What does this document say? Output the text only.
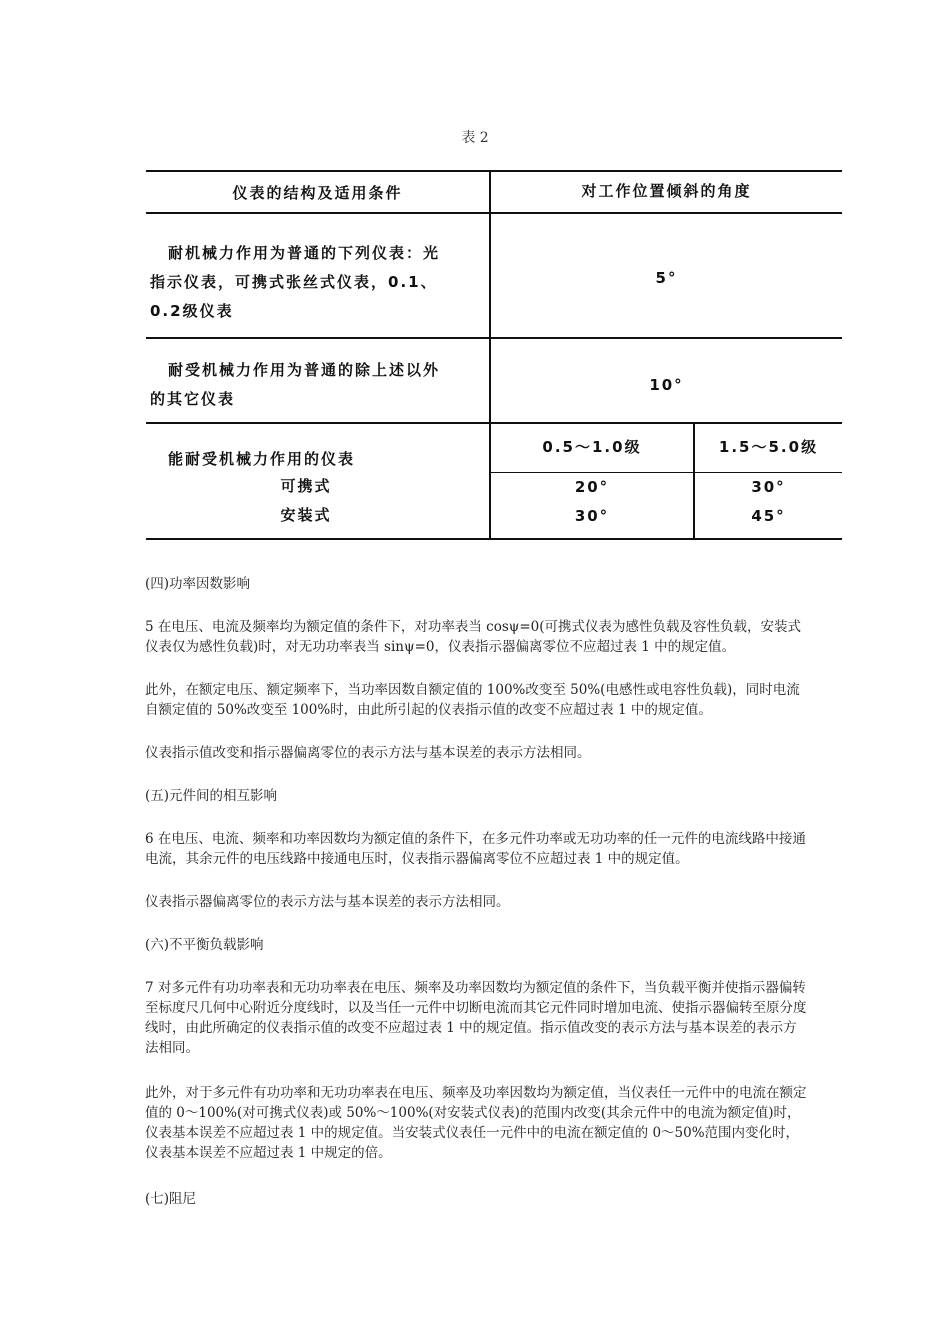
表 2
仪表的结构及适用条件	对工作位置倾斜的角度
耐机械力作用为普通的下列仪表：光
指示仪表，可携式张丝式仪表，0.1、
0.2级仪表
5°
耐受机械力作用为普通的除上述以外
的其它仪表
10°
能耐受机械力作用的仪表
0.5～1.0级	1.5～5.0级
可携式	20°	30°
安装式	30°	45°
(四)功率因数影响
5 在电压、电流及频率均为额定值的条件下，对功率表当 cosψ=0(可携式仪表为感性负载及容性负载，安装式仪表仅为感性负载)时，对无功功率表当 sinψ=0，仪表指示器偏离零位不应超过表 1 中的规定值。
此外，在额定电压、额定频率下，当功率因数自额定值的 100%改变至 50%(电感性或电容性负载)，同时电流自额定值的 50%改变至 100%时，由此所引起的仪表指示值的改变不应超过表 1 中的规定值。
仪表指示值改变和指示器偏离零位的表示方法与基本误差的表示方法相同。
(五)元件间的相互影响
6 在电压、电流、频率和功率因数均为额定值的条件下，在多元件功率或无功功率的任一元件的电流线路中接通电流，其余元件的电压线路中接通电压时，仪表指示器偏离零位不应超过表 1 中的规定值。
仪表指示器偏离零位的表示方法与基本误差的表示方法相同。
(六)不平衡负载影响
7 对多元件有功功率表和无功功率表在电压、频率及功率因数均为额定值的条件下，当负载平衡并使指示器偏转至标度尺几何中心附近分度线时，以及当任一元件中切断电流而其它元件同时增加电流、使指示器偏转至原分度线时，由此所确定的仪表指示值的改变不应超过表 1 中的规定值。指示值改变的表示方法与基本误差的表示方法相同。
此外，对于多元件有功功率和无功功率表在电压、频率及功率因数均为额定值，当仪表任一元件中的电流在额定值的 0～100%(对可携式仪表)或 50%～100%(对安装式仪表)的范围内改变(其余元件中的电流为额定值)时，仪表基本误差不应超过表 1 中的规定值。当安装式仪表任一元件中的电流在额定值的 0～50%范围内变化时，仪表基本误差不应超过表 1 中规定的倍。
(七)阻尼
